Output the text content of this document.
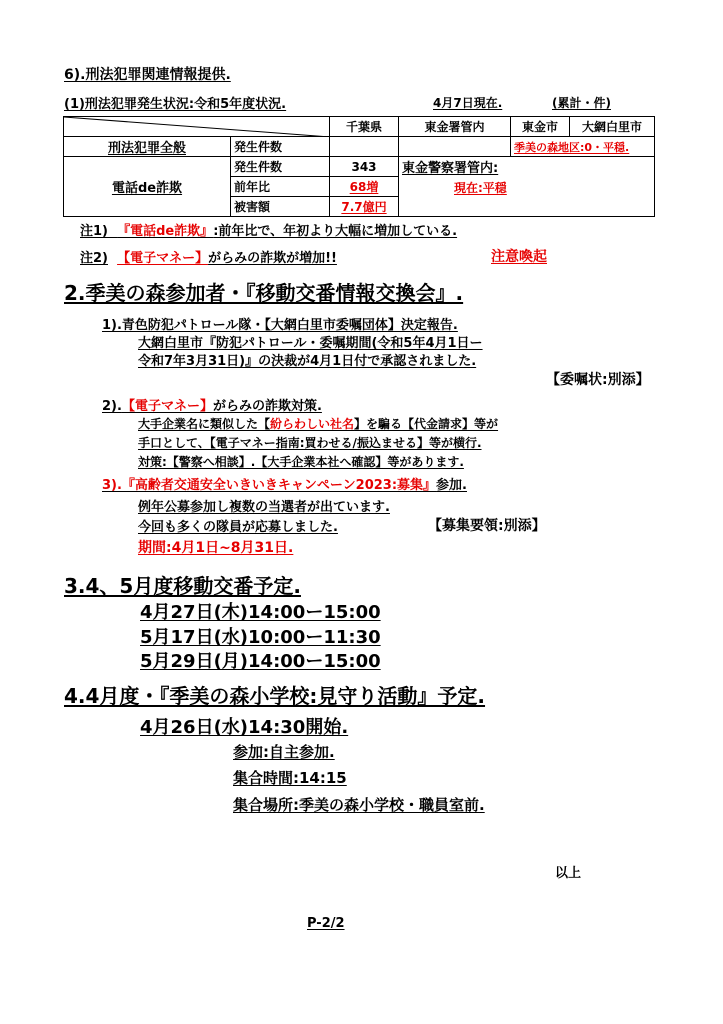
6).刑法犯罪関連情報提供.
(1)刑法犯罪発生状況:令和5年度状況.	4月7日現在.	(累計・件)
	千葉県	東金署管内	東金市	大網白里市
刑法犯罪全般	発生件数			季美の森地区:0・平穏.	
電話de詐欺	発生件数	343	東金警察署管内:
現在:平穏		

	前年比	68増			
	被害額	7.7億円			
注1) 『電話de詐欺』:前年比で、年初より大幅に増加している.
注2) 【電子マネー】がらみの詐欺が増加!!	注意喚起
2.季美の森参加者・『移動交番情報交換会』.
1).青色防犯パトロール隊・【大網白里市委嘱団体】決定報告.
大網白里市『防犯パトロール・委嘱期間(令和5年4月1日ー
令和7年3月31日)』の決裁が4月1日付で承認されました.
【委嘱状:別添】
2).【電子マネー】がらみの詐欺対策.
大手企業名に類似した【紛らわしい社名】を騙る【代金請求】等が
手口として、【電子マネー指南:買わせる/振込ませる】等が横行.
対策:【警察へ相談】.【大手企業本社へ確認】等があります.
3).『高齢者交通安全いきいきキャンペーン2023:募集』参加.
例年公募参加し複数の当選者が出ています.
今回も多くの隊員が応募しました.	【募集要領:別添】
期間:4月1日~8月31日.
3.4、5月度移動交番予定.
4月27日(木)14:00ー15:00
5月17日(水)10:00ー11:30
5月29日(月)14:00ー15:00
4.4月度・『季美の森小学校:見守り活動』予定.
4月26日(水)14:30開始.
参加:自主参加.
集合時間:14:15
集合場所:季美の森小学校・職員室前.
以上
P-2/2
